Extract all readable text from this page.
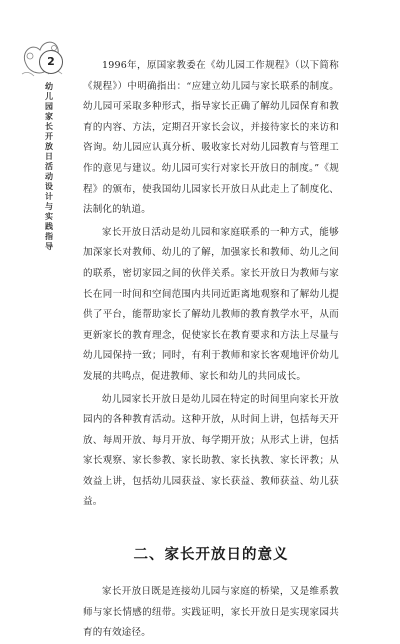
2
幼儿园家长开放日活动设计与实践指导

1996年，原国家教委在《幼儿园工作规程》（以下简称《规程》）中明确指出：“应建立幼儿园与家长联系的制度。幼儿园可采取多种形式，指导家长正确了解幼儿园保育和教育的内容、方法，定期召开家长会议，并接待家长的来访和咨询。幼儿园应认真分析、吸收家长对幼儿园教育与管理工作的意见与建议。幼儿园可实行对家长开放日的制度。”《规程》的颁布，使我国幼儿园家长开放日从此走上了制度化、法制化的轨道。

家长开放日活动是幼儿园和家庭联系的一种方式，能够加深家长对教师、幼儿的了解，加强家长和教师、幼儿之间的联系，密切家园之间的伙伴关系。家长开放日为教师与家长在同一时间和空间范围内共同近距离地观察和了解幼儿提供了平台，能帮助家长了解幼儿教师的教育教学水平，从而更新家长的教育理念，促使家长在教育要求和方法上尽量与幼儿园保持一致；同时，有利于教师和家长客观地评价幼儿发展的共鸣点，促进教师、家长和幼儿的共同成长。

幼儿园家长开放日是幼儿园在特定的时间里向家长开放园内的各种教育活动。这种开放，从时间上讲，包括每天开放、每周开放、每月开放、每学期开放；从形式上讲，包括家长观察、家长参教、家长助教、家长执教、家长评教；从效益上讲，包括幼儿园获益、家长获益、教师获益、幼儿获益。

二、家长开放日的意义

家长开放日既是连接幼儿园与家庭的桥梁，又是维系教师与家长情感的纽带。实践证明，家长开放日是实现家园共育的有效途径。
